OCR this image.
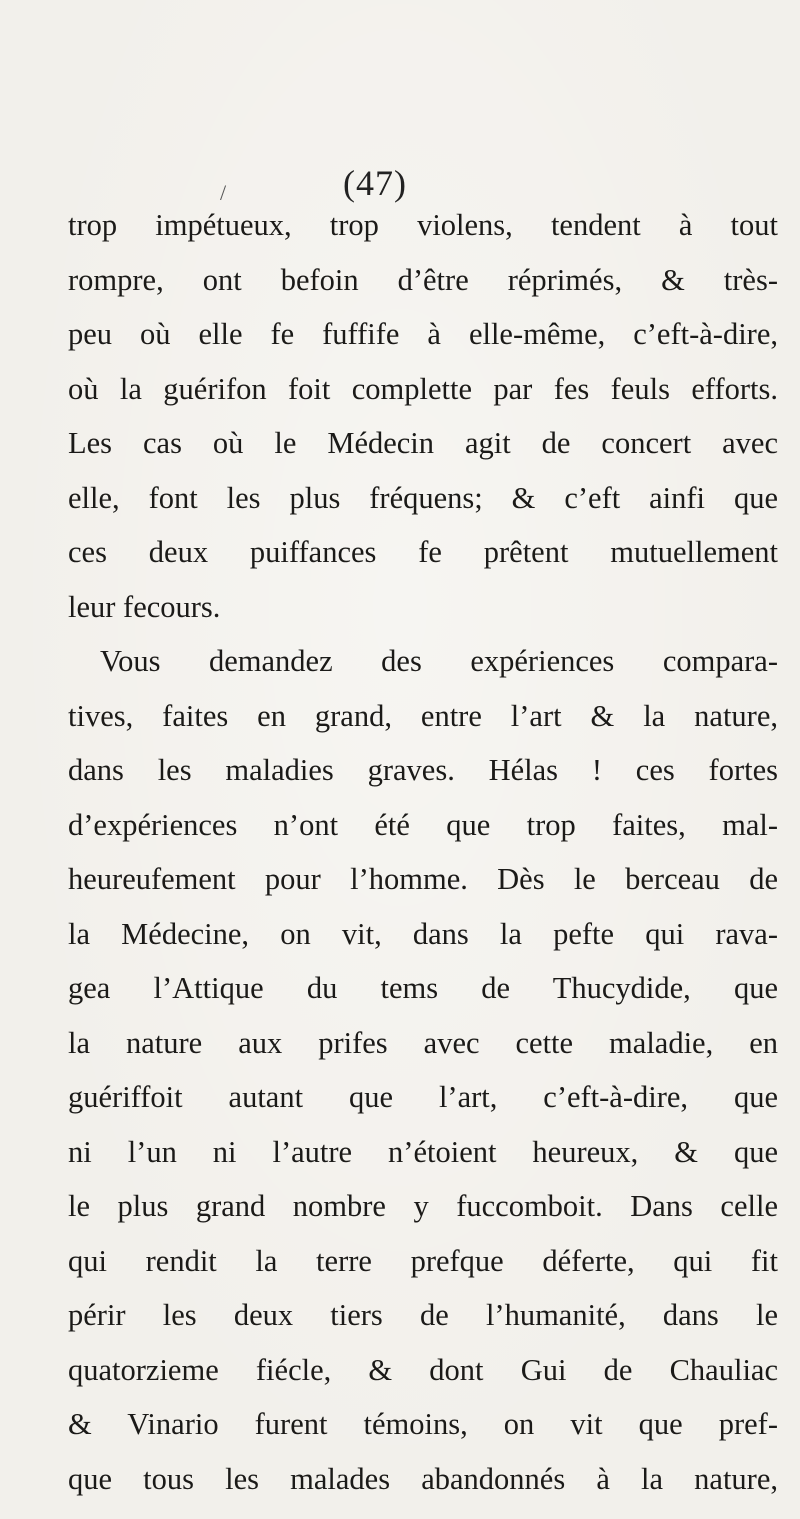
/	(47)
trop impétueux, trop violens, tendent à tout
rompre, ont befoin d’être réprimés, & très-
peu où elle fe fuffife à elle-même, c’eft-à-dire,
où la guérifon foit complette par fes feuls efforts.
Les cas où le Médecin agit de concert avec
elle, font les plus fréquens; & c’eft ainfi que
ces deux puiffances fe prêtent mutuellement
leur fecours.
Vous demandez des expériences compara-
tives, faites en grand, entre l’art & la nature,
dans les maladies graves. Hélas ! ces fortes
d’expériences n’ont été que trop faites, mal-
heureufement pour l’homme. Dès le berceau de
la Médecine, on vit, dans la pefte qui rava-
gea l’Attique du tems de Thucydide, que
la nature aux prifes avec cette maladie, en
guériffoit autant que l’art, c’eft-à-dire, que
ni l’un ni l’autre n’étoient heureux, & que
le plus grand nombre y fuccomboit. Dans celle
qui rendit la terre prefque déferte, qui fit
périr les deux tiers de l’humanité, dans le
quatorzieme fiécle, & dont Gui de Chauliac
& Vinario furent témoins, on vit que pref-
que tous les malades abandonnés à la nature,
